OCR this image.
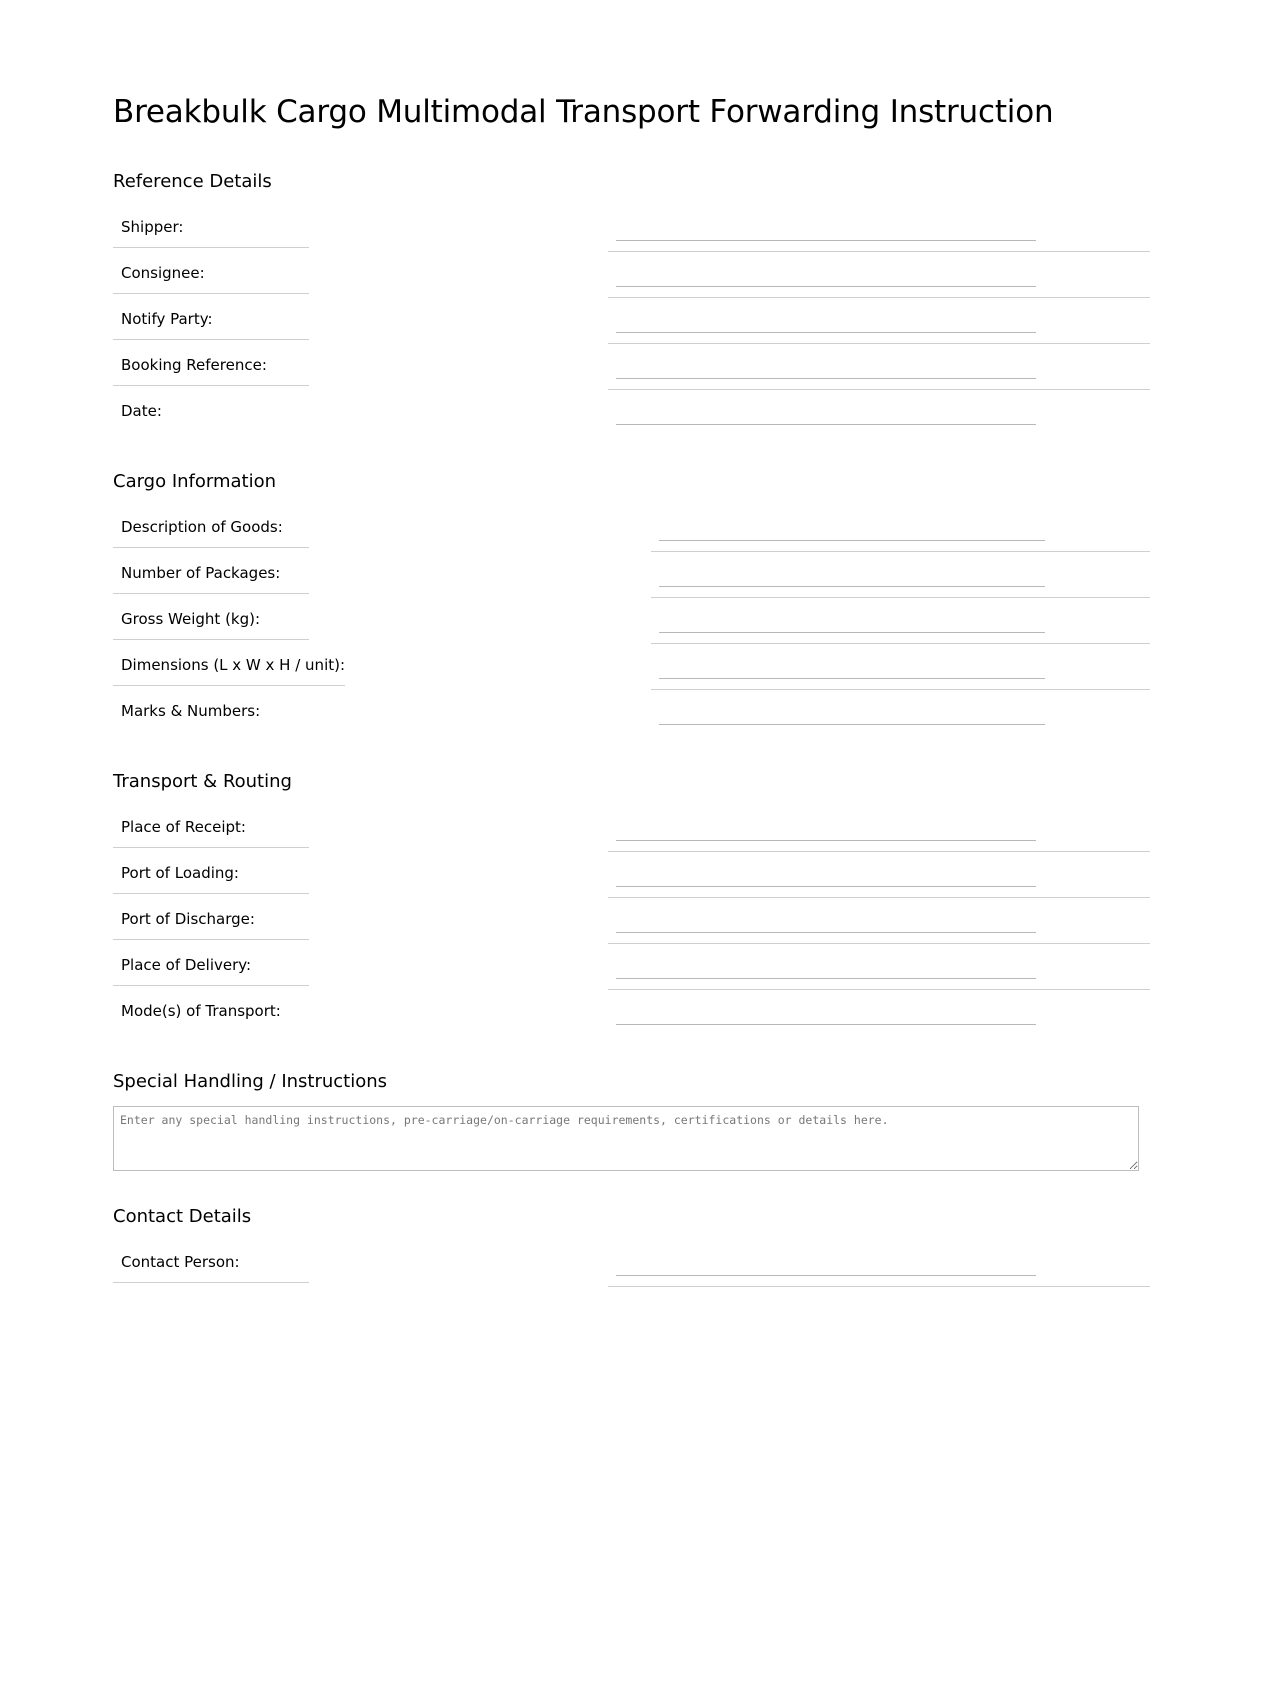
Breakbulk Cargo Multimodal Transport Forwarding Instruction
Reference Details
Shipper:
Consignee:
Notify Party:
Booking Reference:
Date:
Cargo Information
Description of Goods:
Number of Packages:
Gross Weight (kg):
Dimensions (L x W x H / unit):
Marks & Numbers:
Transport & Routing
Place of Receipt:
Port of Loading:
Port of Discharge:
Place of Delivery:
Mode(s) of Transport:
Special Handling / Instructions
Enter any special handling instructions, pre-carriage/on-carriage requirements, certifications or details here.
Contact Details
Contact Person:
